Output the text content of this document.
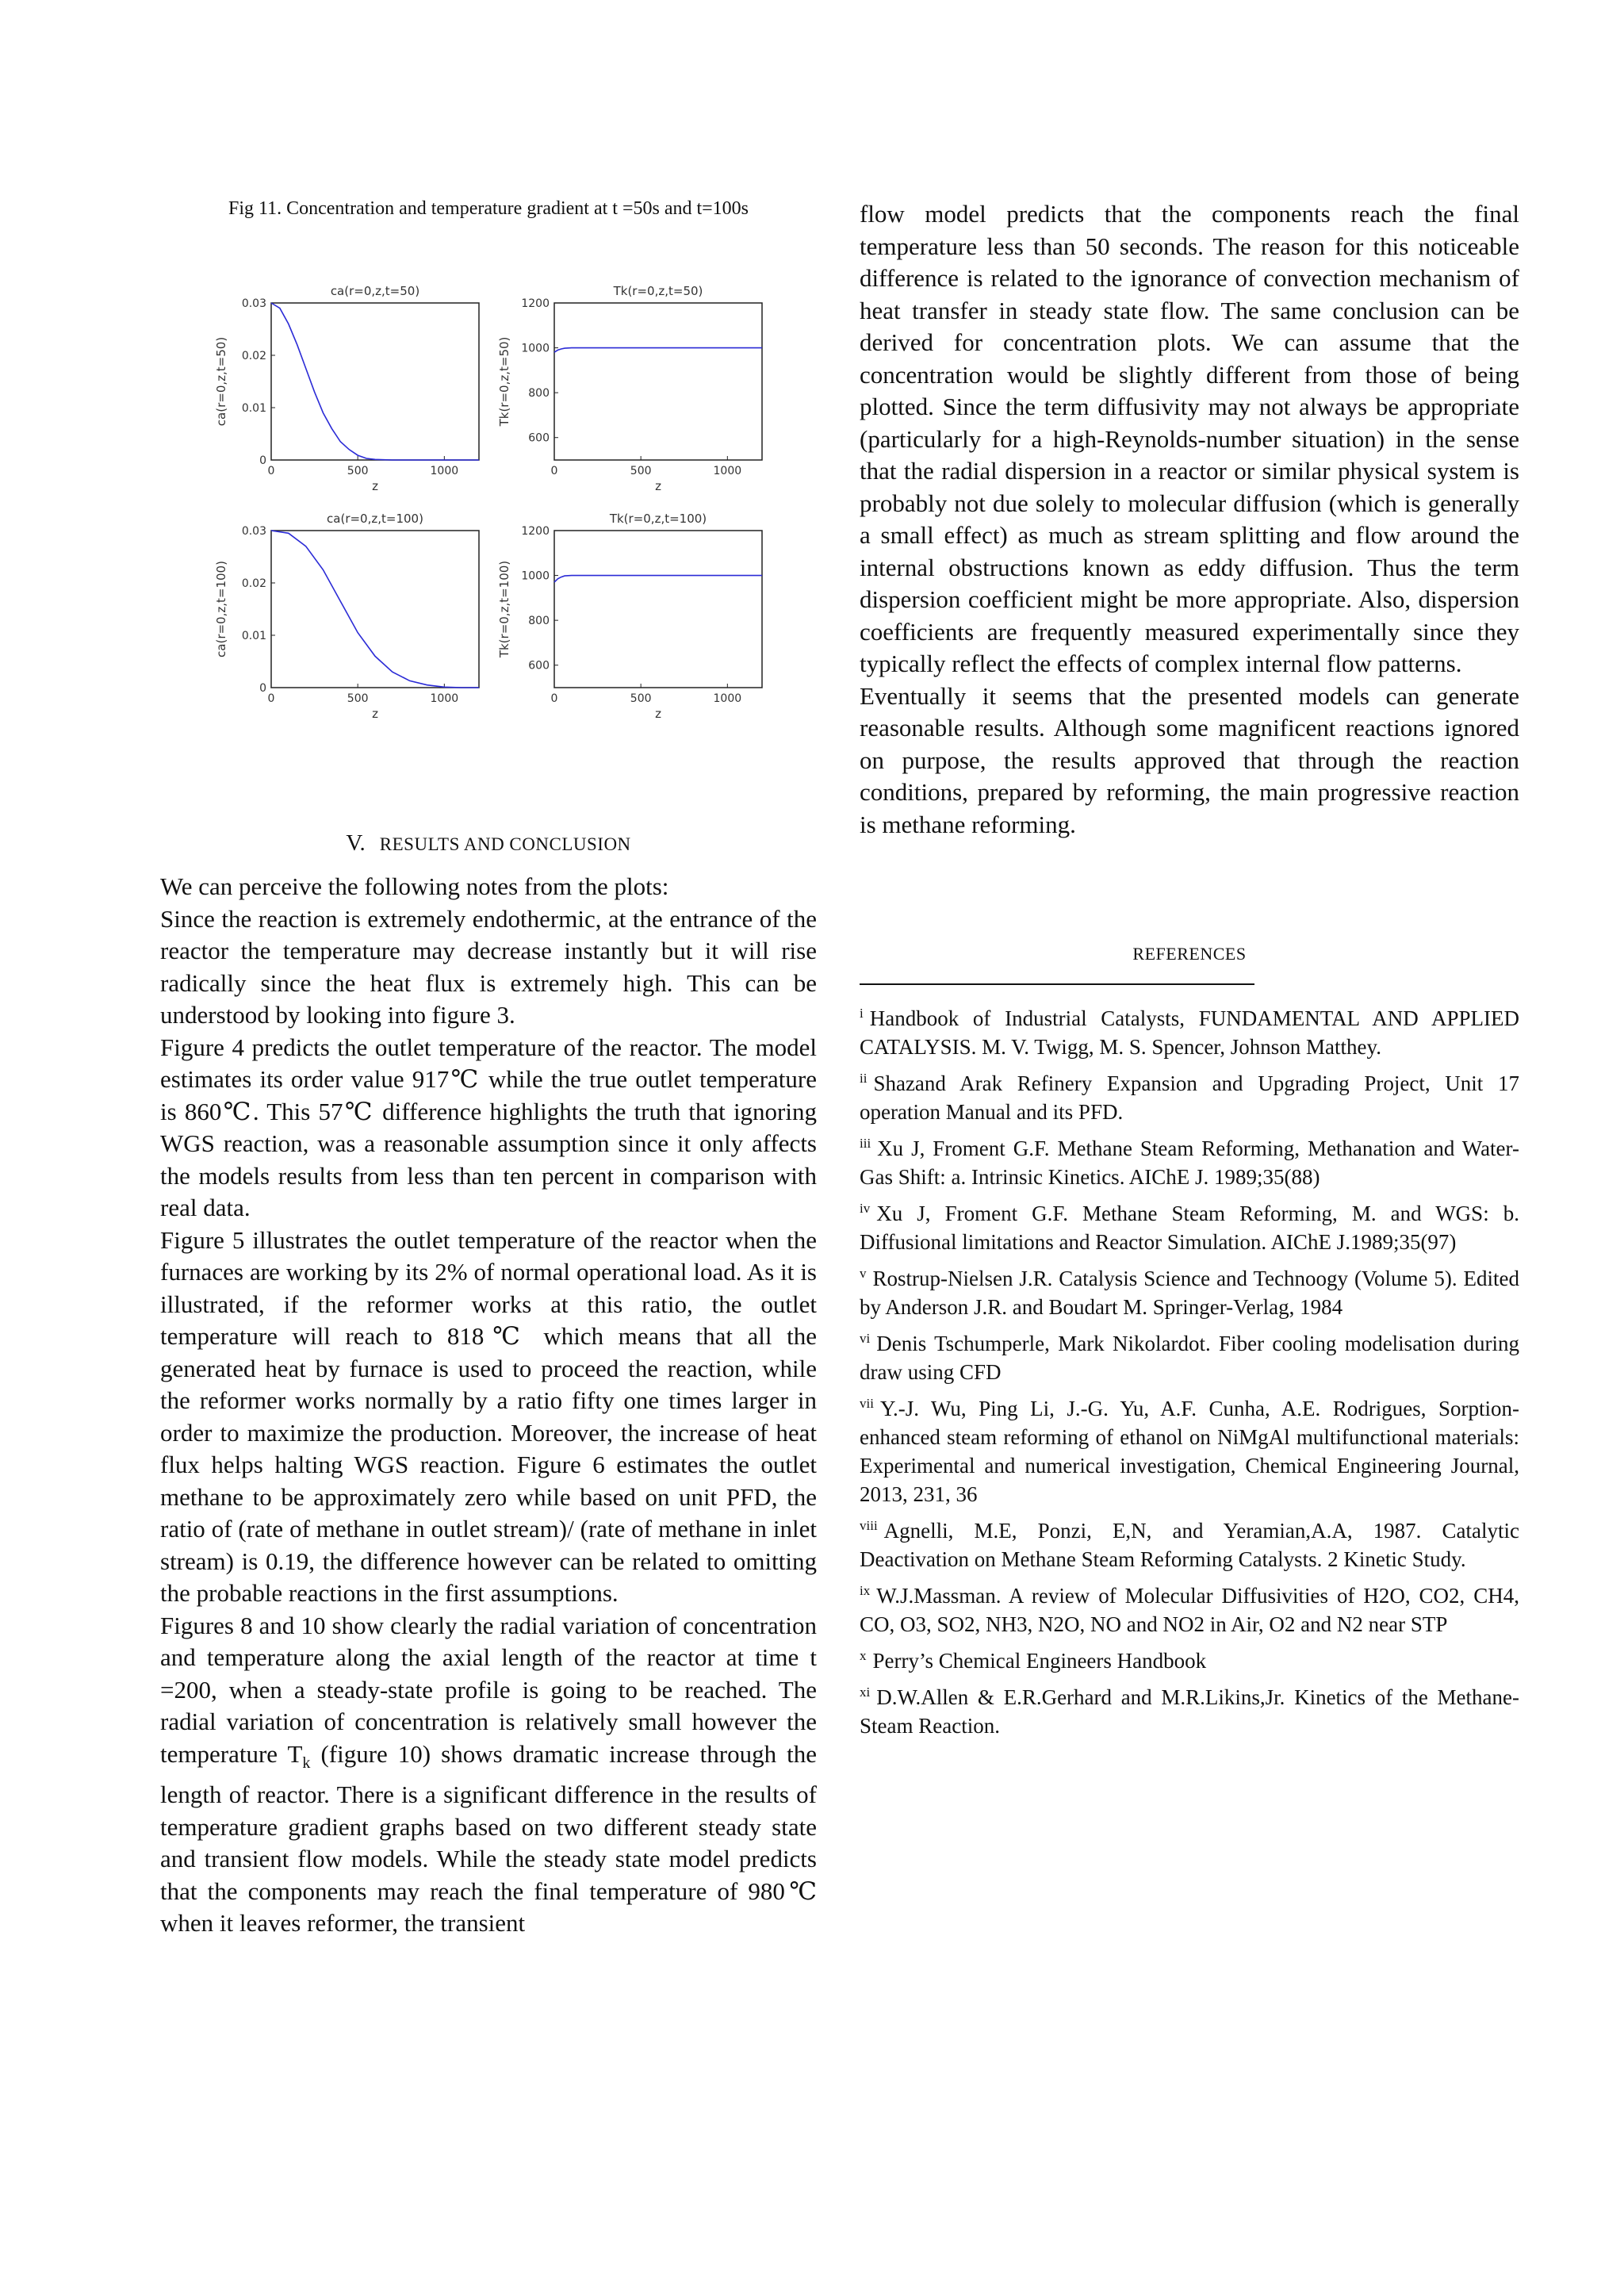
Fig 11. Concentration and temperature gradient at t =50s and t=100s

ca(r=0,z,t=50)
0	500	1000
0
0.01
0.02
0.03
z
ca(r=0,z,t=50)
Tk(r=0,z,t=50)
0	500	1000
600
800
1000
1200
z
Tk(r=0,z,t=50)
ca(r=0,z,t=100)
0	500	1000
0
0.01
0.02
0.03
z
ca(r=0,z,t=100)
Tk(r=0,z,t=100)
0	500	1000
600
800
1000
1200
z
Tk(r=0,z,t=100)
V. RESULTS AND CONCLUSION

We can perceive the following notes from the plots:

Since the reaction is extremely endothermic, at the entrance of the reactor the temperature may decrease instantly but it will rise radically since the heat flux is extremely high. This can be understood by looking into figure 3.

Figure 4 predicts the outlet temperature of the reactor. The model estimates its order value 917℃ while the true outlet temperature is 860℃. This 57℃ difference highlights the truth that ignoring WGS reaction, was a reasonable assumption since it only affects the models results from less than ten percent in comparison with real data.

Figure 5 illustrates the outlet temperature of the reactor when the furnaces are working by its 2% of normal operational load. As it is illustrated, if the reformer works at this ratio, the outlet temperature will reach to 818℃ which means that all the generated heat by furnace is used to proceed the reaction, while the reformer works normally by a ratio fifty one times larger in order to maximize the production. Moreover, the increase of heat flux helps halting WGS reaction. Figure 6 estimates the outlet methane to be approximately zero while based on unit PFD, the ratio of (rate of methane in outlet stream)/ (rate of methane in inlet stream) is 0.19, the difference however can be related to omitting the probable reactions in the first assumptions.

Figures 8 and 10 show clearly the radial variation of concentration and temperature along the axial length of the reactor at time t =200, when a steady-state profile is going to be reached. The radial variation of concentration is relatively small however the temperature $T_k$ (figure 10) shows dramatic increase through the length of reactor. There is a significant difference in the results of temperature gradient graphs based on two different steady state and transient flow models. While the steady state model predicts that the components may reach the final temperature of 980℃ when it leaves reformer, the transient

flow model predicts that the components reach the final temperature less than 50 seconds. The reason for this noticeable difference is related to the ignorance of convection mechanism of heat transfer in steady state flow. The same conclusion can be derived for concentration plots. We can assume that the concentration would be slightly different from those of being plotted. Since the term diffusivity may not always be appropriate (particularly for a high-Reynolds-number situation) in the sense that the radial dispersion in a reactor or similar physical system is probably not due solely to molecular diffusion (which is generally a small effect) as much as stream splitting and flow around the internal obstructions known as eddy diffusion. Thus the term dispersion coefficient might be more appropriate. Also, dispersion coefficients are frequently measured experimentally since they typically reflect the effects of complex internal flow patterns.

Eventually it seems that the presented models can generate reasonable results. Although some magnificent reactions ignored on purpose, the results approved that through the reaction conditions, prepared by reforming, the main progressive reaction is methane reforming.

REFERENCES

$^i$ Handbook of Industrial Catalysts, FUNDAMENTAL AND APPLIED CATALYSIS. M. V. Twigg, M. S. Spencer, Johnson Matthey.

$^{ii}$ Shazand Arak Refinery Expansion and Upgrading Project, Unit 17 operation Manual and its PFD.

$^{iii}$ Xu J, Froment G.F. Methane Steam Reforming, Methanation and Water-Gas Shift: a. Intrinsic Kinetics. AIChE J. 1989;35(88)

$^{iv}$ Xu J, Froment G.F. Methane Steam Reforming, M. and WGS: b. Diffusional limitations and Reactor Simulation. AIChE J.1989;35(97)

$^v$ Rostrup-Nielsen J.R. Catalysis Science and Technoogy (Volume 5). Edited by Anderson J.R. and Boudart M. Springer-Verlag, 1984

$^{vi}$ Denis Tschumperle, Mark Nikolardot. Fiber cooling modelisation during draw using CFD

$^{vii}$ Y.-J. Wu, Ping Li, J.-G. Yu, A.F. Cunha, A.E. Rodrigues, Sorption-enhanced steam reforming of ethanol on NiMgAl multifunctional materials: Experimental and numerical investigation, Chemical Engineering Journal, 2013, 231, 36

$^{viii}$ Agnelli, M.E, Ponzi, E,N, and Yeramian,A.A, 1987. Catalytic Deactivation on Methane Steam Reforming Catalysts. 2 Kinetic Study.

$^{ix}$ W.J.Massman. A review of Molecular Diffusivities of H2O, CO2, CH4, CO, O3, SO2, NH3, N2O, NO and NO2 in Air, O2 and N2 near STP

$^x$ Perry’s Chemical Engineers Handbook

$^{xi}$ D.W.Allen & E.R.Gerhard and M.R.Likins,Jr. Kinetics of the Methane-Steam Reaction.
